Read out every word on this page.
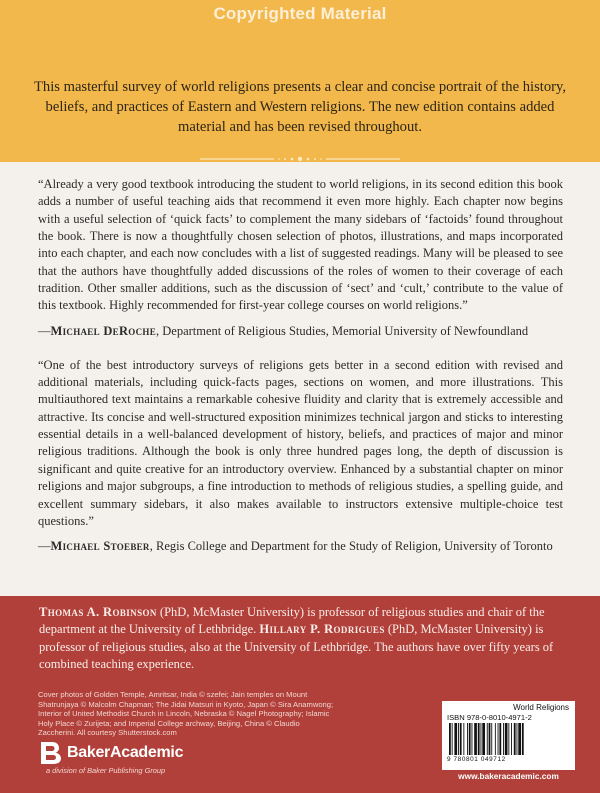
Copyrighted Material

This masterful survey of world religions presents a clear and concise portrait of the history, beliefs, and practices of Eastern and Western religions. The new edition contains added material and has been revised throughout.

“Already a very good textbook introducing the student to world religions, in its second edition this book adds a number of useful teaching aids that recommend it even more highly. Each chapter now begins with a useful selection of ‘quick facts’ to complement the many sidebars of ‘factoids’ found throughout the book. There is now a thoughtfully chosen selection of photos, illustrations, and maps incorporated into each chapter, and each now concludes with a list of suggested readings. Many will be pleased to see that the authors have thoughtfully added discussions of the roles of women to their coverage of each tradition. Other smaller additions, such as the discussion of ‘sect’ and ‘cult,’ contribute to the value of this textbook. Highly recommended for first-year college courses on world religions.”

—Michael DeRoche, Department of Religious Studies, Memorial University of Newfoundland

“One of the best introductory surveys of religions gets better in a second edition with revised and additional materials, including quick-facts pages, sections on women, and more illustrations. This multiauthored text maintains a remarkable cohesive fluidity and clarity that is extremely accessible and attractive. Its concise and well-structured exposition minimizes technical jargon and sticks to interesting essential details in a well-balanced development of history, beliefs, and practices of major and minor religious traditions. Although the book is only three hundred pages long, the depth of discussion is significant and quite creative for an introductory overview. Enhanced by a substantial chapter on minor religions and major subgroups, a fine introduction to methods of religious studies, a spelling guide, and excellent summary sidebars, it also makes available to instructors extensive multiple-choice test questions.”

—Michael Stoeber, Regis College and Department for the Study of Religion, University of Toronto

Thomas A. Robinson (PhD, McMaster University) is professor of religious studies and chair of the department at the University of Lethbridge. Hillary P. Rodrigues (PhD, McMaster University) is professor of religious studies, also at the University of Lethbridge. The authors have over fifty years of combined teaching experience.

Cover photos of Golden Temple, Amritsar, India © szefei; Jain temples on Mount Shatrunjaya © Malcolm Chapman; The Jidai Matsuri in Kyoto, Japan © Sira Anamwong; Interior of United Methodist Church in Lincoln, Nebraska © Nagel Photography; Islamic Holy Place © Zurijeta; and Imperial College archway, Beijing, China © Claudio Zaccherini. All courtesy Shutterstock.com

BakerAcademic
a division of Baker Publishing Group
World Religions
ISBN 978-0-8010-4971-2
9 780801 049712
www.bakeracademic.com
